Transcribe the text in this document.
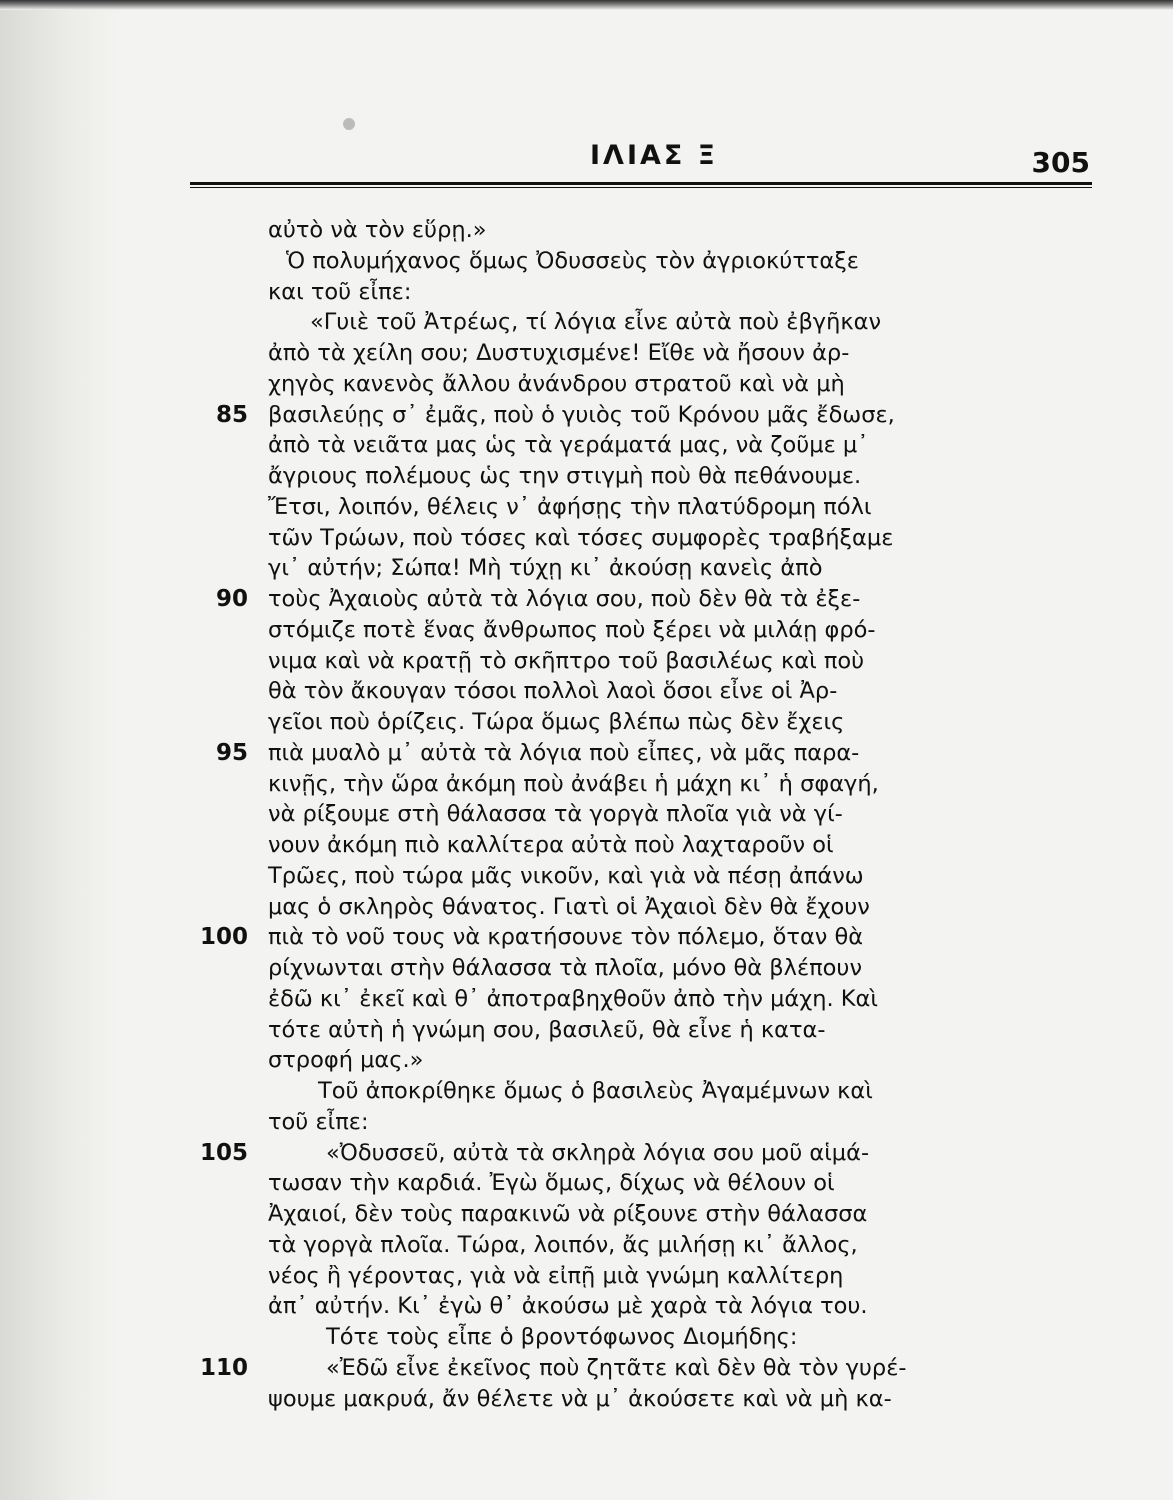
ΙΛΙΑΣ Ξ	305
αὐτὸ νὰ τὸν εὕρῃ.»
Ὁ πολυμήχανος ὅμως Ὀδυσσεὺς τὸν ἀγριοκύτταξε
και τοῦ εἶπε:
«Γυιὲ τοῦ Ἀτρέως, τί λόγια εἶνε αὐτὰ ποὺ ἐβγῆκαν
ἀπὸ τὰ χείλη σου; Δυστυχισμένε! Εἴθε νὰ ἤσουν ἀρ-
χηγὸς κανενὸς ἄλλου ἀνάνδρου στρατοῦ καὶ νὰ μὴ
85 βασιλεύῃς σ᾽ ἐμᾶς, ποὺ ὁ γυιὸς τοῦ Κρόνου μᾶς ἔδωσε,
ἀπὸ τὰ νειᾶτα μας ὡς τὰ γεράματά μας, νὰ ζοῦμε μ᾽
ἄγριους πολέμους ὡς την στιγμὴ ποὺ θὰ πεθάνουμε.
Ἔτσι, λοιπόν, θέλεις ν᾽ ἀφήσῃς τὴν πλατύδρομη πόλι
τῶν Τρώων, ποὺ τόσες καὶ τόσες συμφορὲς τραβήξαμε
γι᾽ αὐτήν; Σώπα! Μὴ τύχῃ κι᾽ ἀκούσῃ κανεὶς ἀπὸ
90 τοὺς Ἀχαιοὺς αὐτὰ τὰ λόγια σου, ποὺ δὲν θὰ τὰ ἐξε-
στόμιζε ποτὲ ἕνας ἄνθρωπος ποὺ ξέρει νὰ μιλάῃ φρό-
νιμα καὶ νὰ κρατῇ τὸ σκῆπτρο τοῦ βασιλέως καὶ ποὺ
θὰ τὸν ἄκουγαν τόσοι πολλοὶ λαοὶ ὅσοι εἶνε οἱ Ἀρ-
γεῖοι ποὺ ὁρίζεις. Τώρα ὅμως βλέπω πὼς δὲν ἔχεις
95 πιὰ μυαλὸ μ᾽ αὐτὰ τὰ λόγια ποὺ εἶπες, νὰ μᾶς παρα-
κινῇς, τὴν ὥρα ἀκόμη ποὺ ἀνάβει ἡ μάχη κι᾽ ἡ σφαγή,
νὰ ρίξουμε στὴ θάλασσα τὰ γοργὰ πλοῖα γιὰ νὰ γί-
νουν ἀκόμη πιὸ καλλίτερα αὐτὰ ποὺ λαχταροῦν οἱ
Τρῶες, ποὺ τώρα μᾶς νικοῦν, καὶ γιὰ νὰ πέσῃ ἀπάνω
μας ὁ σκληρὸς θάνατος. Γιατὶ οἱ Ἀχαιοὶ δὲν θὰ ἔχουν
100 πιὰ τὸ νοῦ τους νὰ κρατήσουνε τὸν πόλεμο, ὅταν θὰ
ρίχνωνται στὴν θάλασσα τὰ πλοῖα, μόνο θὰ βλέπουν
ἐδῶ κι᾽ ἐκεῖ καὶ θ᾽ ἀποτραβηχθοῦν ἀπὸ τὴν μάχη. Καὶ
τότε αὐτὴ ἡ γνώμη σου, βασιλεῦ, θὰ εἶνε ἡ κατα-
στροφή μας.»
Τοῦ ἀποκρίθηκε ὅμως ὁ βασιλεὺς Ἀγαμέμνων καὶ
τοῦ εἶπε:
105	«Ὀδυσσεῦ, αὐτὰ τὰ σκληρὰ λόγια σου μοῦ αἱμά-
τωσαν τὴν καρδιά. Ἐγὼ ὅμως, δίχως νὰ θέλουν οἱ
Ἀχαιοί, δὲν τοὺς παρακινῶ νὰ ρίξουνε στὴν θάλασσα
τὰ γοργὰ πλοῖα. Τώρα, λοιπόν, ἄς μιλήσῃ κι᾽ ἄλλος,
νέος ἢ γέροντας, γιὰ νὰ εἰπῇ μιὰ γνώμη καλλίτερη
ἀπ᾽ αὐτήν. Κι᾽ ἐγὼ θ᾽ ἀκούσω μὲ χαρὰ τὰ λόγια του.
Τότε τοὺς εἶπε ὁ βροντόφωνος Διομήδης:
110	«Ἐδῶ εἶνε ἐκεῖνος ποὺ ζητᾶτε καὶ δὲν θὰ τὸν γυρέ-
ψουμε μακρυά, ἄν θέλετε νὰ μ᾽ ἀκούσετε καὶ νὰ μὴ κα-
